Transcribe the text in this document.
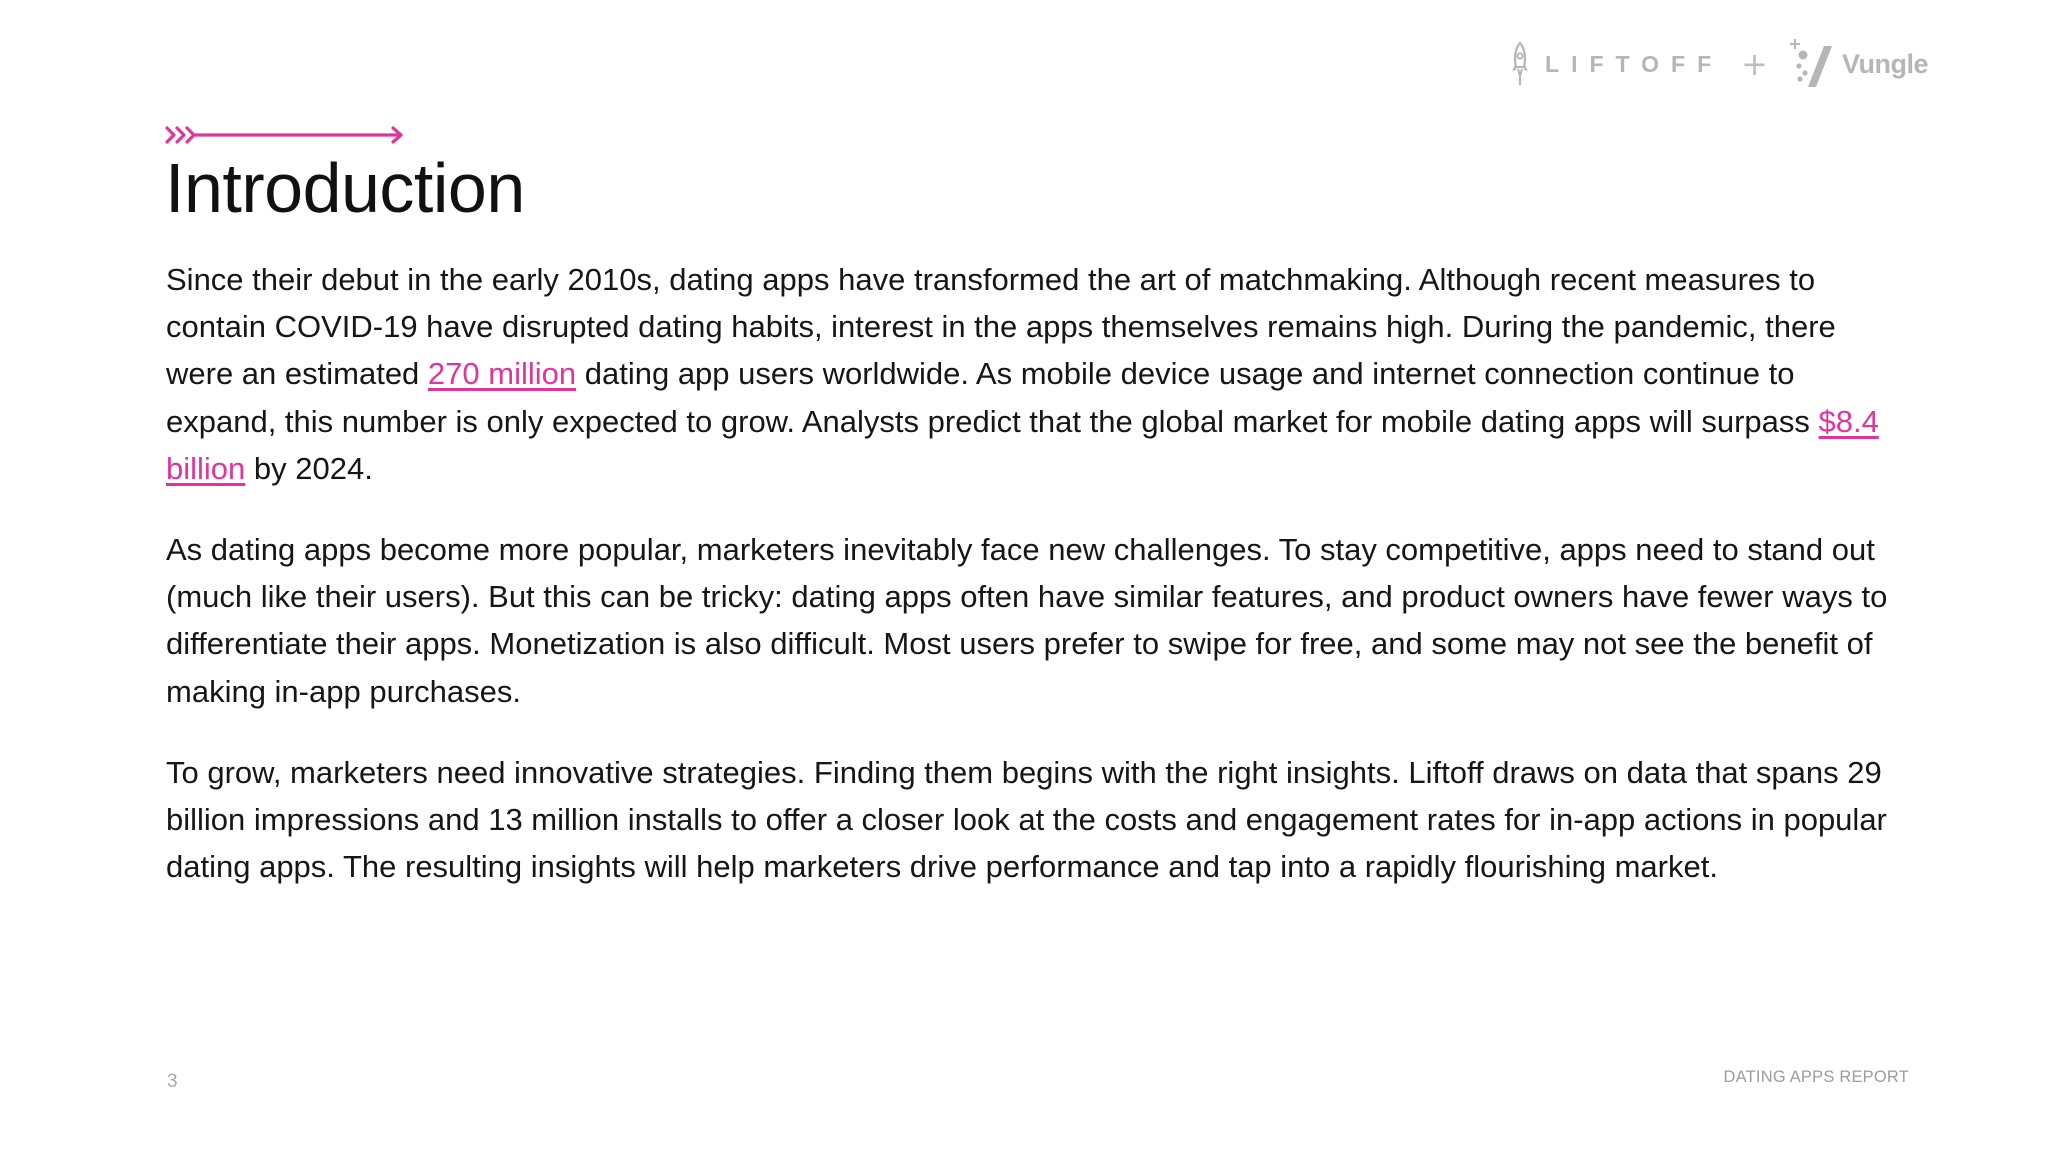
LIFTOFF +	Vungle
Introduction

Since their debut in the early 2010s, dating apps have transformed the art of matchmaking. Although recent measures to contain COVID-19 have disrupted dating habits, interest in the apps themselves remains high. During the pandemic, there were an estimated 270 million dating app users worldwide. As mobile device usage and internet connection continue to expand, this number is only expected to grow. Analysts predict that the global market for mobile dating apps will surpass $8.4 billion by 2024.

As dating apps become more popular, marketers inevitably face new challenges. To stay competitive, apps need to stand out (much like their users). But this can be tricky: dating apps often have similar features, and product owners have fewer ways to differentiate their apps. Monetization is also difficult. Most users prefer to swipe for free, and some may not see the benefit of making in-app purchases.

To grow, marketers need innovative strategies. Finding them begins with the right insights. Liftoff draws on data that spans 29 billion impressions and 13 million installs to offer a closer look at the costs and engagement rates for in-app actions in popular dating apps. The resulting insights will help marketers drive performance and tap into a rapidly flourishing market.

3	DATING APPS REPORT
